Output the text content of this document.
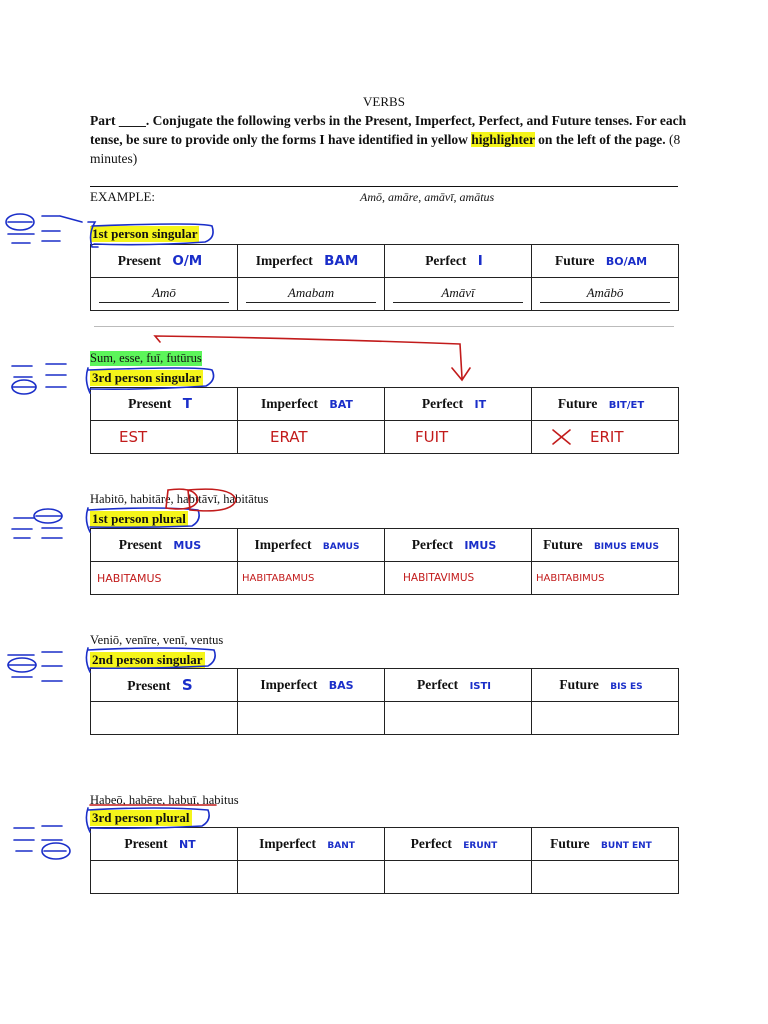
VERBS
Part ____. Conjugate the following verbs in the Present, Imperfect, Perfect, and Future tenses. For each tense, be sure to provide only the forms I have identified in yellow highlighter on the left of the page. (8 minutes)
EXAMPLE:	Amō, amāre, amāvī, amātus
1st person singular
Present O/M	Imperfect BAM	Perfect I	Future BO/AM
Amō	Amabam	Amāvī	Amābō
Sum, esse, fuī, futūrus
3rd person singular
Present T	Imperfect BAT	Perfect IT	Future BIT/ET
EST	ERAT	FUIT	ERIT
Habitō, habitāre, habitāvī, habitātus
1st person plural
Present MUS	Imperfect BAMUS	Perfect IMUS	Future BIMUS EMUS
HABITAMUS	HABITABAMUS	HABITAVIMUS	HABITABIMUS
Veniō, venīre, venī, ventus
2nd person singular
Present S	Imperfect BAS	Perfect ISTI	Future BIS ES

Habeō, habēre, habuī, habitus
3rd person plural
Present NT	Imperfect BANT	Perfect ERUNT	Future BUNT ENT
